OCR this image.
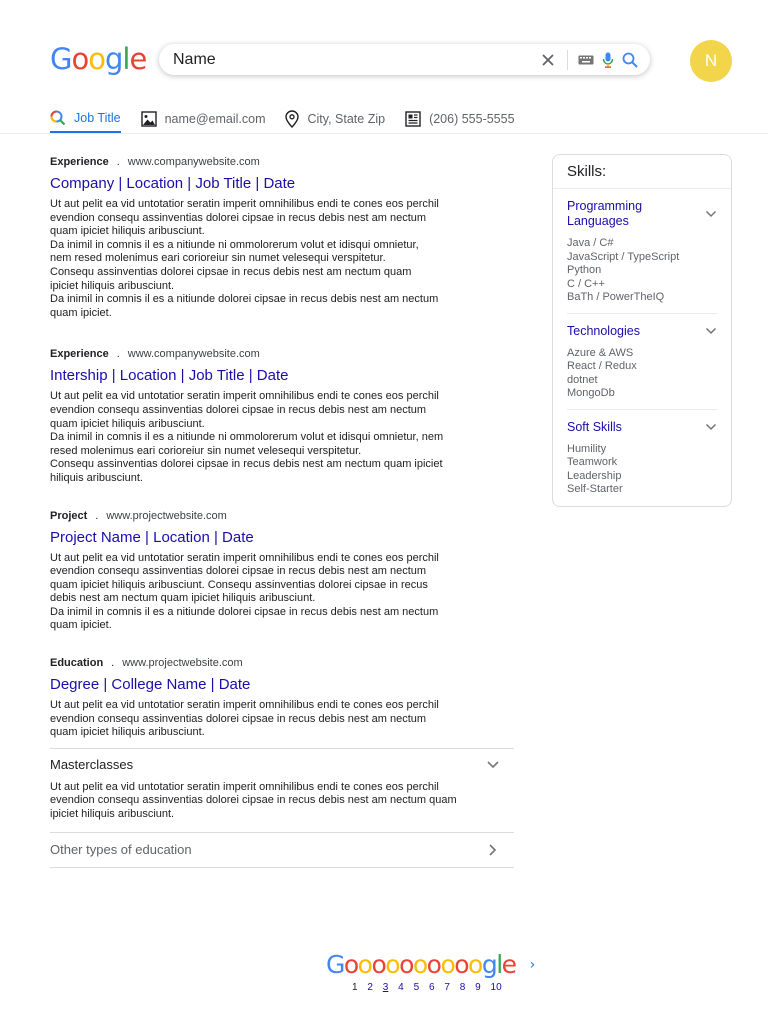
Google Name	N
Job Title	name@email.com	City, State Zip	(206) 555-5555
Experience . www.companywebsite.com
Company | Location | Job Title | Date
Ut aut pelit ea vid untotatior seratin imperit omnihilibus endi te cones eos perchil
evendion consequ assinventias dolorei cipsae in recus debis nest am nectum
quam ipiciet hiliquis aribusciunt.
Da inimil in comnis il es a nitiunde ni ommolorerum volut et idisqui omnietur,
nem resed molenimus eari corioreiur sin numet velesequi verspitetur.
Consequ assinventias dolorei cipsae in recus debis nest am nectum quam
ipiciet hiliquis aribusciunt.
Da inimil in comnis il es a nitiunde dolorei cipsae in recus debis nest am nectum
quam ipiciet.
Experience . www.companywebsite.com
Intership | Location | Job Title | Date
Ut aut pelit ea vid untotatior seratin imperit omnihilibus endi te cones eos perchil
evendion consequ assinventias dolorei cipsae in recus debis nest am nectum
quam ipiciet hiliquis aribusciunt.
Da inimil in comnis il es a nitiunde ni ommolorerum volut et idisqui omnietur, nem
resed molenimus eari corioreiur sin numet velesequi verspitetur.
Consequ assinventias dolorei cipsae in recus debis nest am nectum quam ipiciet
hiliquis aribusciunt.
Project . www.projectwebsite.com
Project Name | Location | Date
Ut aut pelit ea vid untotatior seratin imperit omnihilibus endi te cones eos perchil
evendion consequ assinventias dolorei cipsae in recus debis nest am nectum
quam ipiciet hiliquis aribusciunt. Consequ assinventias dolorei cipsae in recus
debis nest am nectum quam ipiciet hiliquis aribusciunt.
Da inimil in comnis il es a nitiunde dolorei cipsae in recus debis nest am nectum
quam ipiciet.
Education . www.projectwebsite.com
Degree | College Name | Date
Ut aut pelit ea vid untotatior seratin imperit omnihilibus endi te cones eos perchil
evendion consequ assinventias dolorei cipsae in recus debis nest am nectum
quam ipiciet hiliquis aribusciunt.
Masterclasses
Ut aut pelit ea vid untotatior seratin imperit omnihilibus endi te cones eos perchil
evendion consequ assinventias dolorei cipsae in recus debis nest am nectum quam
ipiciet hiliquis aribusciunt.
Other types of education
Skills:
Programming
Languages
Java / C#
JavaScript / TypeScript
Python
C / C++
BaTh / PowerTheIQ
Technologies
Azure & AWS
React / Redux
dotnet
MongoDb
Soft Skills
Humility
Teamwork
Leadership
Self-Starter
Goooooooooogle ›
1 2 3 4 5 6 7 8 9 10
